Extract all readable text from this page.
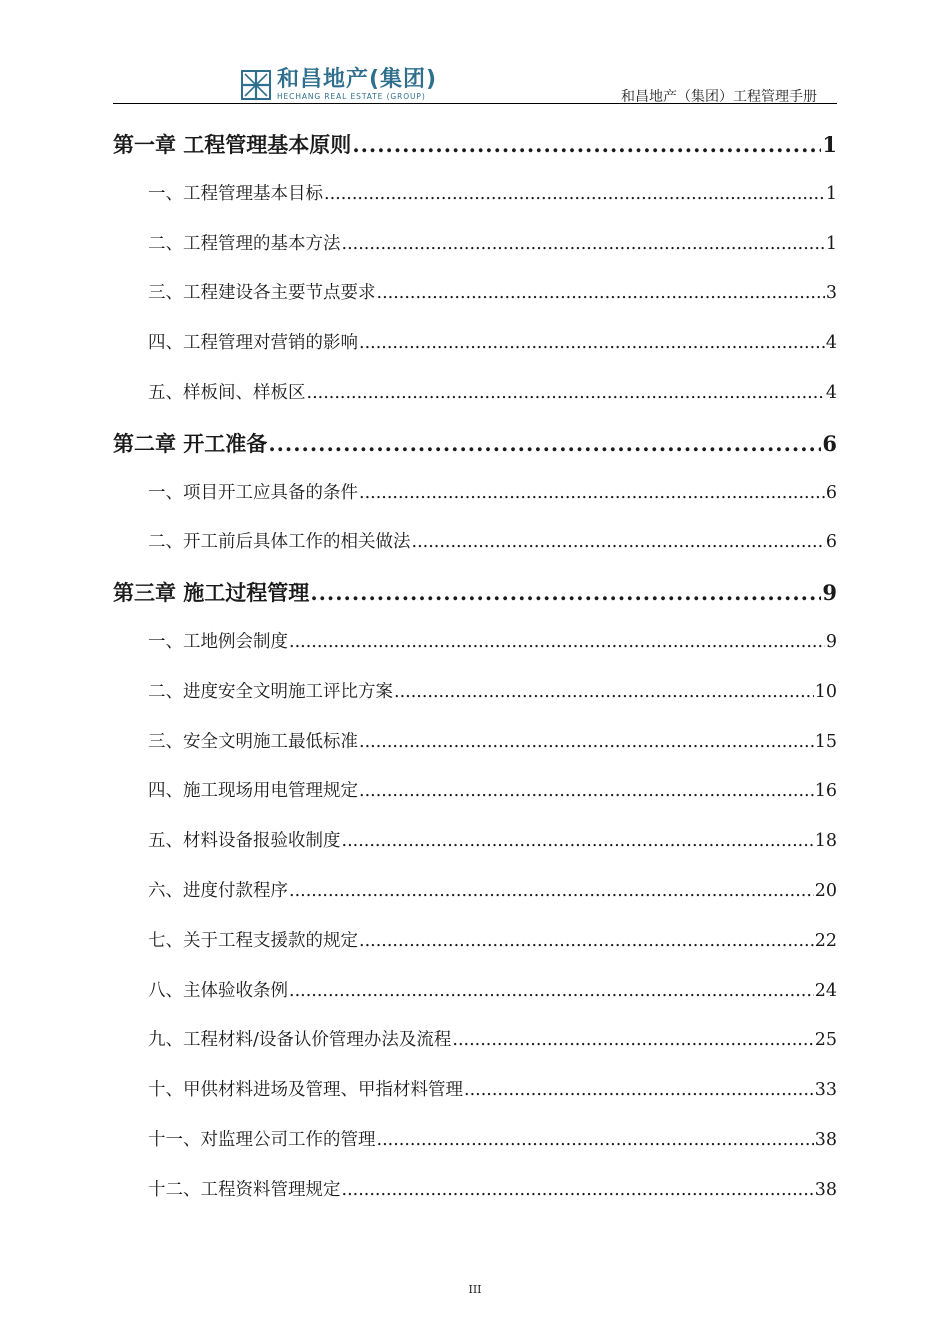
和昌地产(集团)
HECHANG REAL ESTATE (GROUP)	和昌地产（集团）工程管理手册
第一章 工程管理基本原则 .....	1
一、工程管理基本目标 .....	1
二、工程管理的基本方法 .....	1
三、工程建设各主要节点要求 .....	3
四、工程管理对营销的影响 .....	4
五、样板间、样板区 .....	4
第二章 开工准备 .....	6
一、项目开工应具备的条件 .....	6
二、开工前后具体工作的相关做法 .....	6
第三章 施工过程管理 .....	9
一、工地例会制度 .....	9
二、进度安全文明施工评比方案 .....	10
三、安全文明施工最低标准 .....	15
四、施工现场用电管理规定 .....	16
五、材料设备报验收制度 .....	18
六、进度付款程序 .....	20
七、关于工程支援款的规定 .....	22
八、主体验收条例 .....	24
九、工程材料/设备认价管理办法及流程 .....	25
十、甲供材料进场及管理、甲指材料管理 .....	33
十一、对监理公司工作的管理 .....	38
十二、工程资料管理规定 .....	38
III
